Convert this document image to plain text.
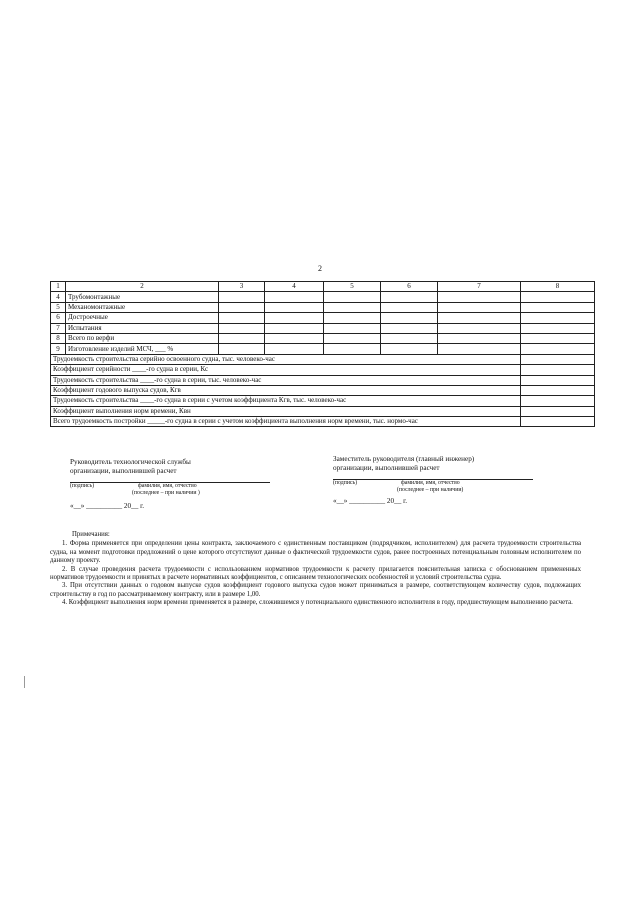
2
1	2	3	4	5	6	7	8
4	Трубомонтажные						
5	Механомонтажные						
6	Достроечные						
7	Испытания						
8	Всего по верфи						
9	Изготовление изделий МСЧ, ___ %						
Трудоемкость строительства серийно освоенного судна, тыс. человеко-час							
Коэффициент серийности ____-го судна в серии, Кс							
Трудоемкость строительства ____-го судна в серии, тыс. человеко-час							
Коэффициент годового выпуска судов, Кгв							
Трудоемкость строительства ____-го судна в серии с учетом коэффициента Кгв, тыс. человеко-час							
Коэффициент выполнения норм времени, Квн							
Всего трудоемкость постройки _____-го судна в серии с учетом коэффициента выполнения норм времени, тыс. нормо-час							
Руководитель технологической службы
организации, выполнившей расчет
(подпись)	фамилия, имя, отчество
(последнее – при наличии )
«__» __________ 20__ г.
Заместитель руководителя (главный инженер)
организации, выполнившей расчет
(подпись)	фамилия, имя, отчество
(последнее – при наличии)
«__» __________ 20__ г.

Примечания:

1. Форма применяется при определении цены контракта, заключаемого с единственным поставщиком (подрядчиком, исполнителем) для расчета трудоемкости строительства судна, на момент подготовки предложений о цене которого отсутствуют данные о фактической трудоемкости судов, ранее построенных потенциальным головным исполнителем по данному проекту.

2. В случае проведения расчета трудоемкости с использованием нормативов трудоемкости к расчету прилагается пояснительная записка с обоснованием примененных нормативов трудоемкости и принятых в расчете нормативных коэффициентов, с описанием технологических особенностей и условий строительства судна.

3. При отсутствии данных о годовом выпуске судов коэффициент годового выпуска судов может приниматься в размере, соответствующем количеству судов, подлежащих строительству в год по рассматриваемому контракту, или в размере 1,00.

4. Коэффициент выполнения норм времени применяется в размере, сложившемся у потенциального единственного исполнителя в году, предшествующем выполнению расчета.
